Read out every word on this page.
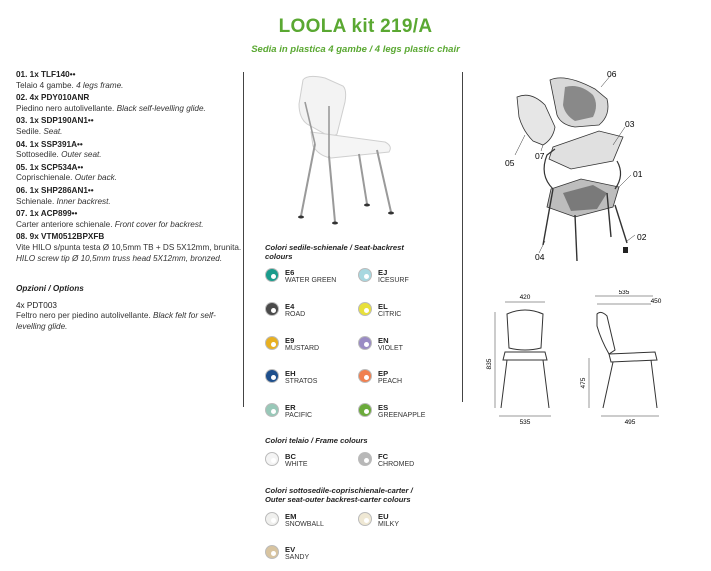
LOOLA kit 219/A
Sedia in plastica 4 gambe / 4 legs plastic chair
01. 1x TLF140••
Telaio 4 gambe. 4 legs frame.
02. 4x PDY010ANR
Piedino nero autolivellante. Black self-levelling glide.
03. 1x SDP190AN1••
Sedile. Seat.
04. 1x SSP391A••
Sottosedile. Outer seat.
05. 1x SCP534A••
Coprischienale. Outer back.
06. 1x SHP286AN1••
Schienale. Inner backrest.
07. 1x ACP899••
Carter anteriore schienale. Front cover for backrest.
08. 9x VTM0512BPXFB
Vite HILO s/punta testa Ø 10,5mm TB + DS 5X12mm, brunita. HILO screw tip Ø 10,5mm truss head 5X12mm, bronzed.
Opzioni / Options
4x PDT003
Feltro nero per piedino autolivellante. Black felt for self-levelling glide.
Colori sedile-schienale / Seat-backrest
colours
E6
WATER GREEN
EJ
ICESURF
E4
ROAD
EL
CITRIC
E9
MUSTARD
EN
VIOLET
EH
STRATOS
EP
PEACH
ER
PACIFIC
ES
GREENAPPLE
Colori telaio / Frame colours
BC
WHITE
FC
CHROMED
Colori sottosedile-coprischienale-carter /
Outer seat-outer backrest-carter colours
EM
SNOWBALL
EU
MILKY
EV
SANDY
06
03
01
05
07
02
04
420
835
535
535
450
475
495
